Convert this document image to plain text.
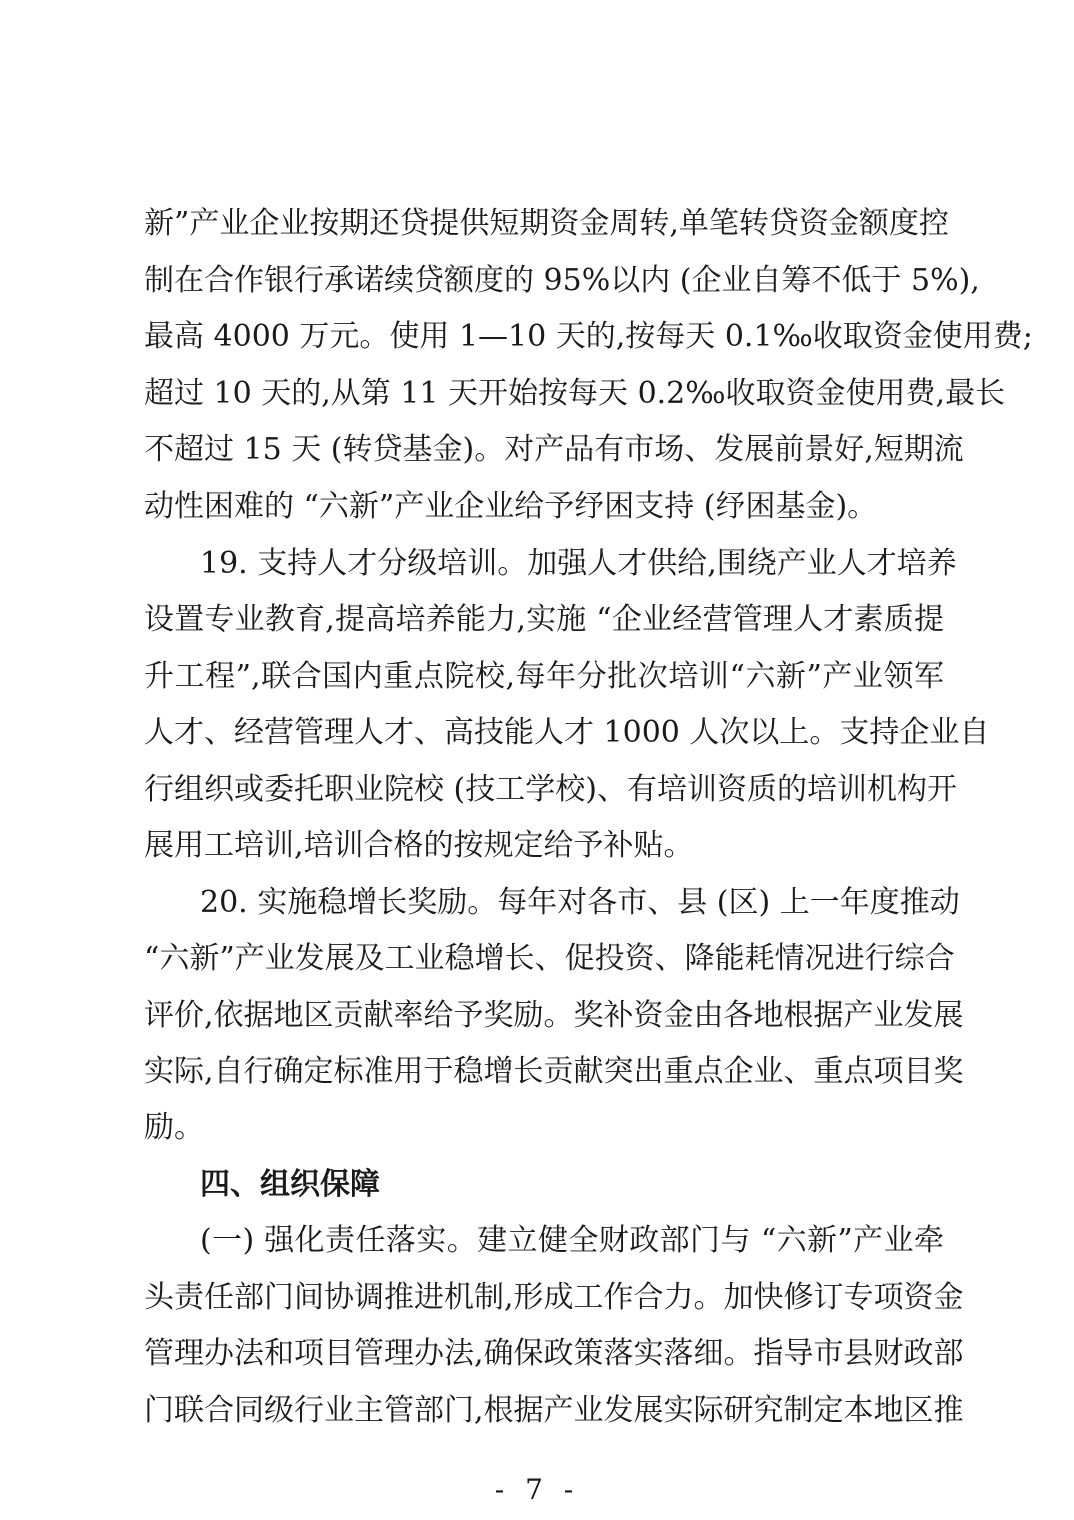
新”产业企业按期还贷提供短期资金周转,单笔转贷资金额度控
制在合作银行承诺续贷额度的 95%以内 (企业自筹不低于 5%),
最高 4000 万元。使用 1—10 天的,按每天 0.1‰收取资金使用费;
超过 10 天的,从第 11 天开始按每天 0.2‰收取资金使用费,最长
不超过 15 天 (转贷基金)。对产品有市场、发展前景好,短期流
动性困难的 “六新”产业企业给予纾困支持 (纾困基金)。
19. 支持人才分级培训。加强人才供给,围绕产业人才培养
设置专业教育,提高培养能力,实施 “企业经营管理人才素质提
升工程”,联合国内重点院校,每年分批次培训“六新”产业领军
人才、经营管理人才、高技能人才 1000 人次以上。支持企业自
行组织或委托职业院校 (技工学校)、有培训资质的培训机构开
展用工培训,培训合格的按规定给予补贴。
20. 实施稳增长奖励。每年对各市、县 (区) 上一年度推动
“六新”产业发展及工业稳增长、促投资、降能耗情况进行综合
评价,依据地区贡献率给予奖励。奖补资金由各地根据产业发展
实际,自行确定标准用于稳增长贡献突出重点企业、重点项目奖
励。
四、组织保障
(一) 强化责任落实。建立健全财政部门与 “六新”产业牵
头责任部门间协调推进机制,形成工作合力。加快修订专项资金
管理办法和项目管理办法,确保政策落实落细。指导市县财政部
门联合同级行业主管部门,根据产业发展实际研究制定本地区推
- 7 -
